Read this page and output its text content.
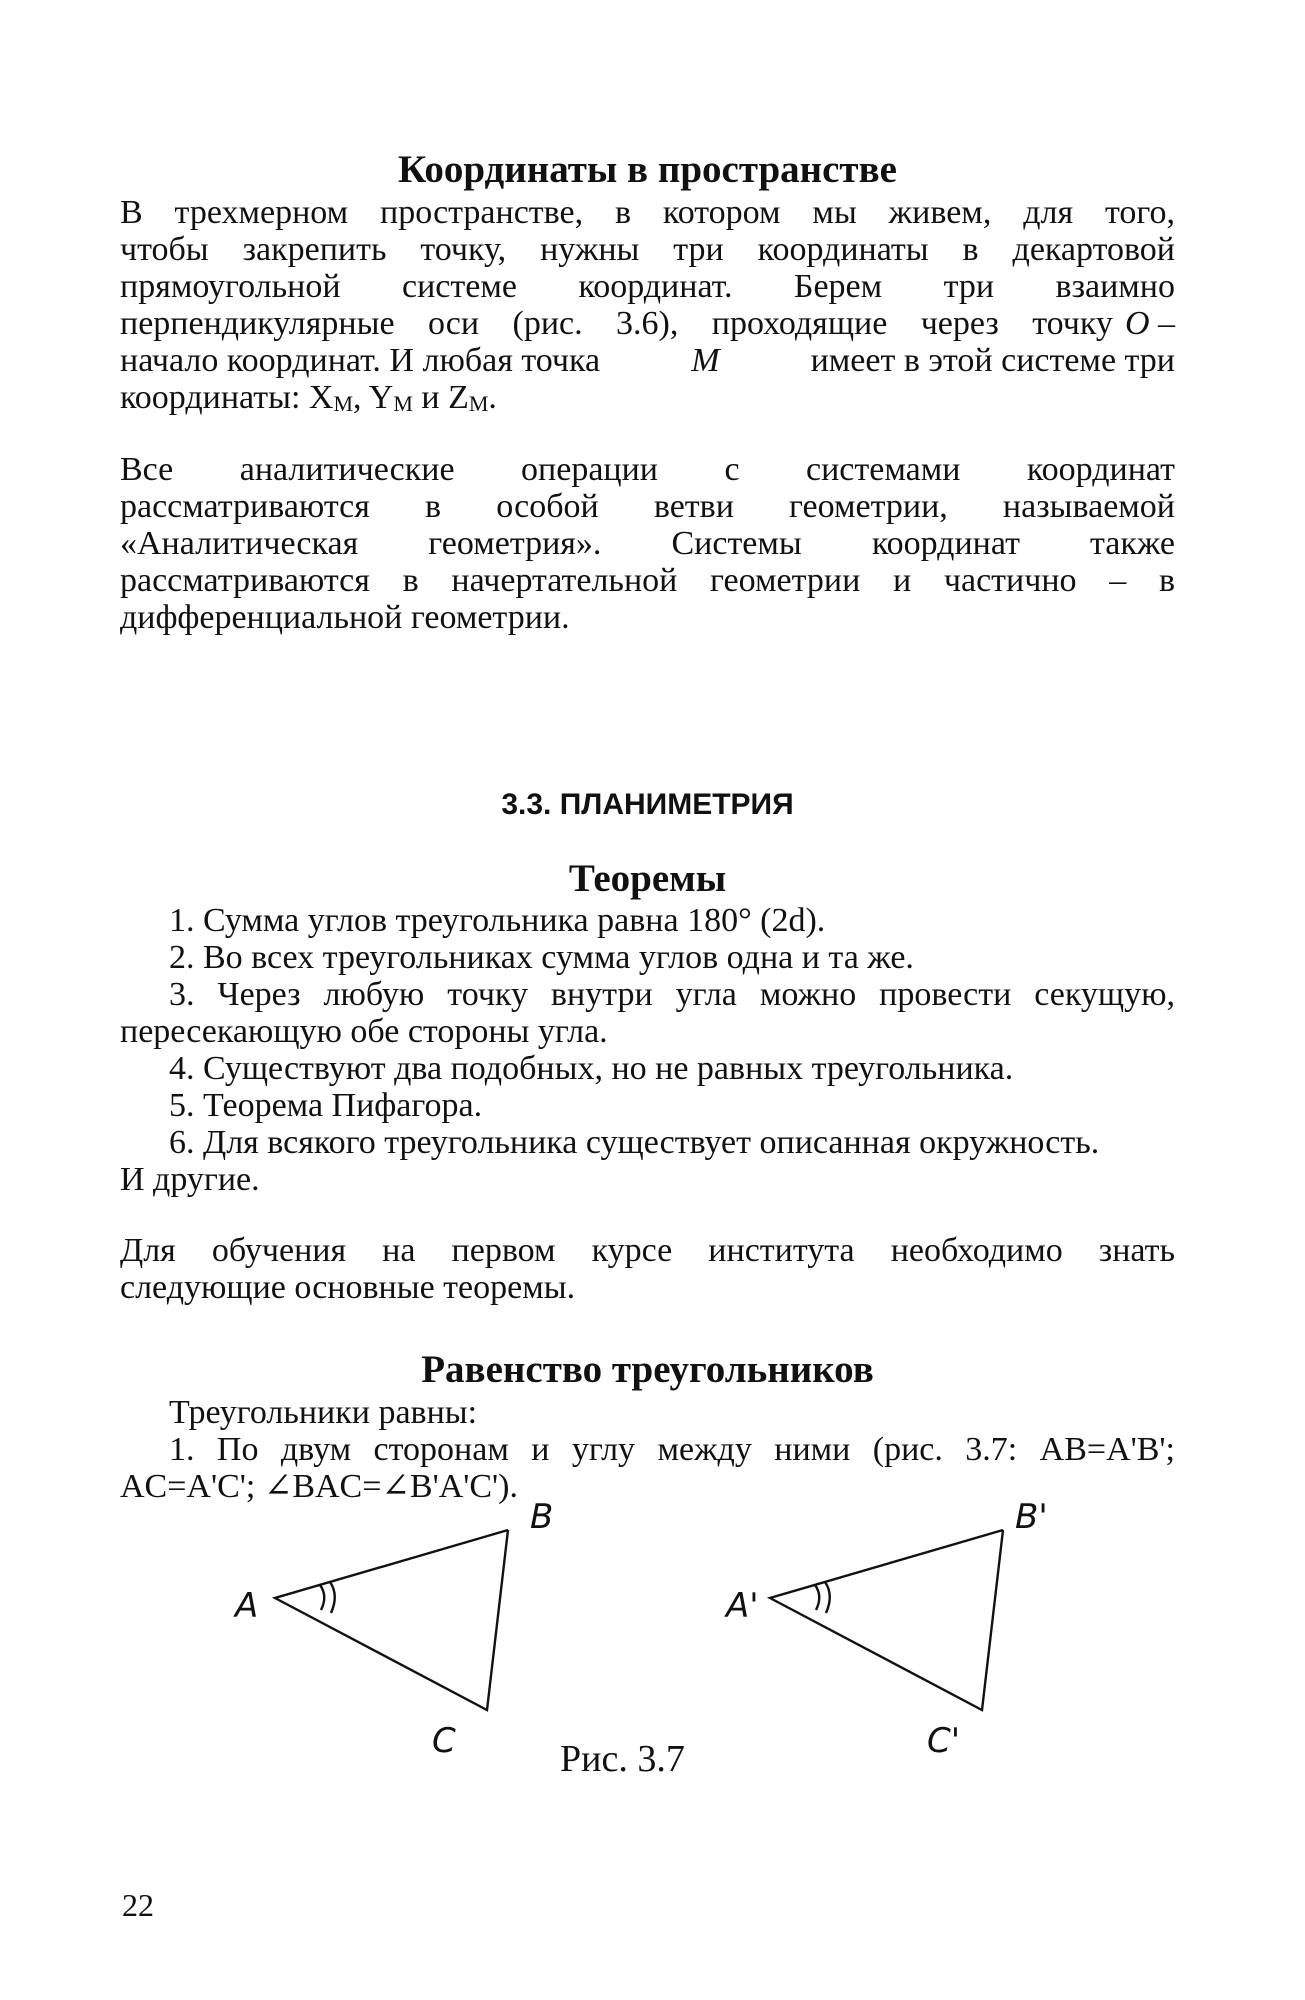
Координаты в пространстве
В трехмерном пространстве, в котором мы живем, для того,
чтобы закрепить точку, нужны три координаты в декартовой
прямоугольной системе координат. Берем три взаимно
перпендикулярные оси (рис. 3.6), проходящие через точку O –
начало координат. И любая точка	M	имеет в этой системе три
координаты: $X_M$, $Y_M$ и $Z_M$.
Все аналитические операции с системами координат
рассматриваются в особой ветви геометрии, называемой
«Аналитическая геометрия». Системы координат также
рассматриваются в начертательной геометрии и частично – в
дифференциальной геометрии.
3.3. ПЛАНИМЕТРИЯ
Теоремы
1. Сумма углов треугольника равна 180° (2d).
2. Во всех треугольниках сумма углов одна и та же.
3. Через любую точку внутри угла можно провести секущую,
пересекающую обе стороны угла.
4. Существуют два подобных, но не равных треугольника.
5. Теорема Пифагора.
6. Для всякого треугольника существует описанная окружность.
И другие.
Для обучения на первом курсе института необходимо знать
следующие основные теоремы.
Равенство треугольников
Треугольники равны:
1. По двум сторонам и углу между ними (рис. 3.7: AB=A'B';
AC=A'C'; ∠BAC=∠B'A'C').
A
B
C
A'
B'
C'
Рис. 3.7
22
